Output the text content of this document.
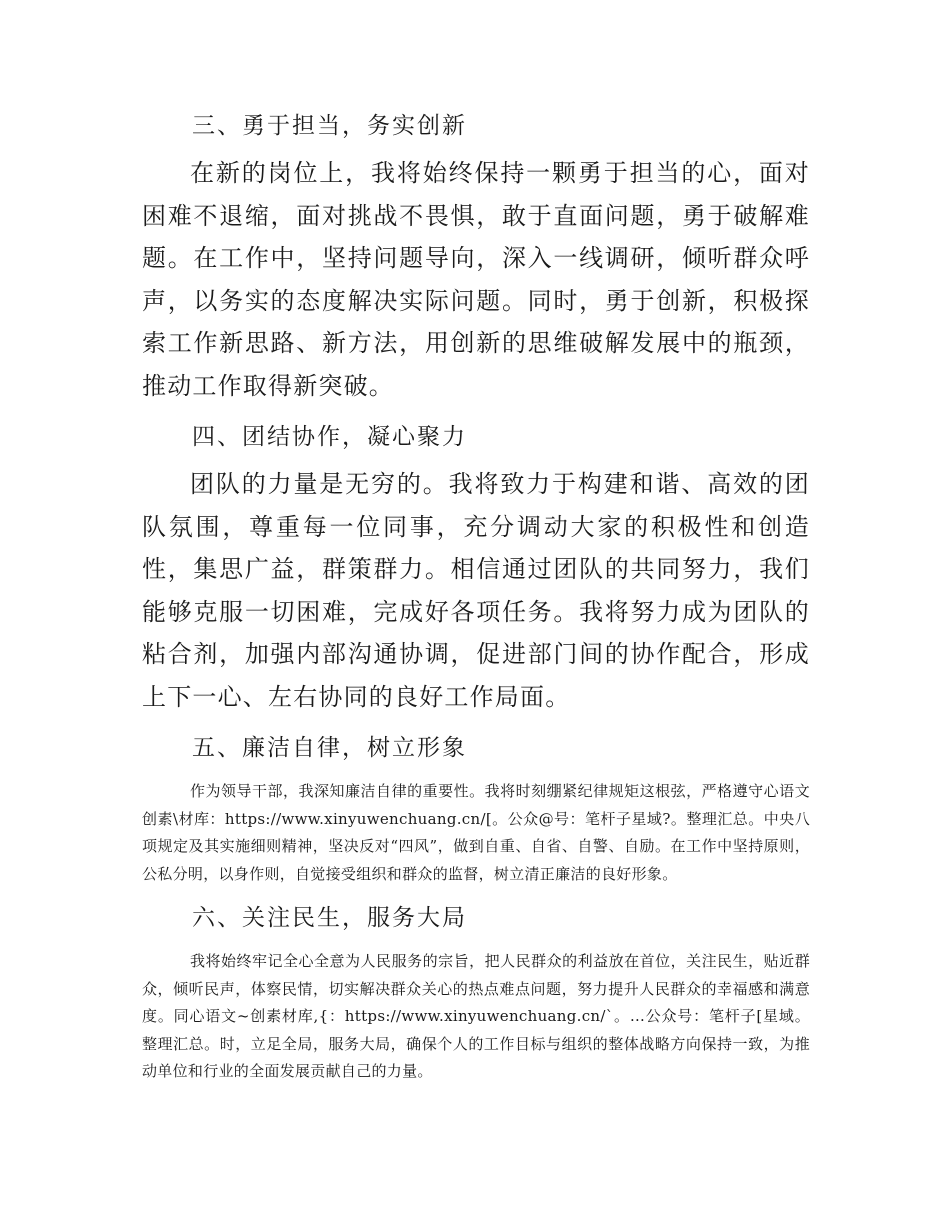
三、勇于担当，务实创新

在新的岗位上，我将始终保持一颗勇于担当的心，面对困难不退缩，面对挑战不畏惧，敢于直面问题，勇于破解难题。在工作中，坚持问题导向，深入一线调研，倾听群众呼声，以务实的态度解决实际问题。同时，勇于创新，积极探索工作新思路、新方法，用创新的思维破解发展中的瓶颈，推动工作取得新突破。

四、团结协作，凝心聚力

团队的力量是无穷的。我将致力于构建和谐、高效的团队氛围，尊重每一位同事，充分调动大家的积极性和创造性，集思广益，群策群力。相信通过团队的共同努力，我们能够克服一切困难，完成好各项任务。我将努力成为团队的粘合剂，加强内部沟通协调，促进部门间的协作配合，形成上下一心、左右协同的良好工作局面。

五、廉洁自律，树立形象

作为领导干部，我深知廉洁自律的重要性。我将时刻绷紧纪律规矩这根弦，严格遵守心语文创素\材库：https://www.xinyuwenchuang.cn/[。公众@号：笔杆子星域?。整理汇总。中央八项规定及其实施细则精神，坚决反对“四风”，做到自重、自省、自警、自励。在工作中坚持原则，公私分明，以身作则，自觉接受组织和群众的监督，树立清正廉洁的良好形象。

六、关注民生，服务大局

我将始终牢记全心全意为人民服务的宗旨，把人民群众的利益放在首位，关注民生，贴近群众，倾听民声，体察民情，切实解决群众关心的热点难点问题，努力提升人民群众的幸福感和满意度。同心语文~创素材库,{：https://www.xinyuwenchuang.cn/`。…公众号：笔杆子[星域。整理汇总。时，立足全局，服务大局，确保个人的工作目标与组织的整体战略方向保持一致，为推动单位和行业的全面发展贡献自己的力量。
